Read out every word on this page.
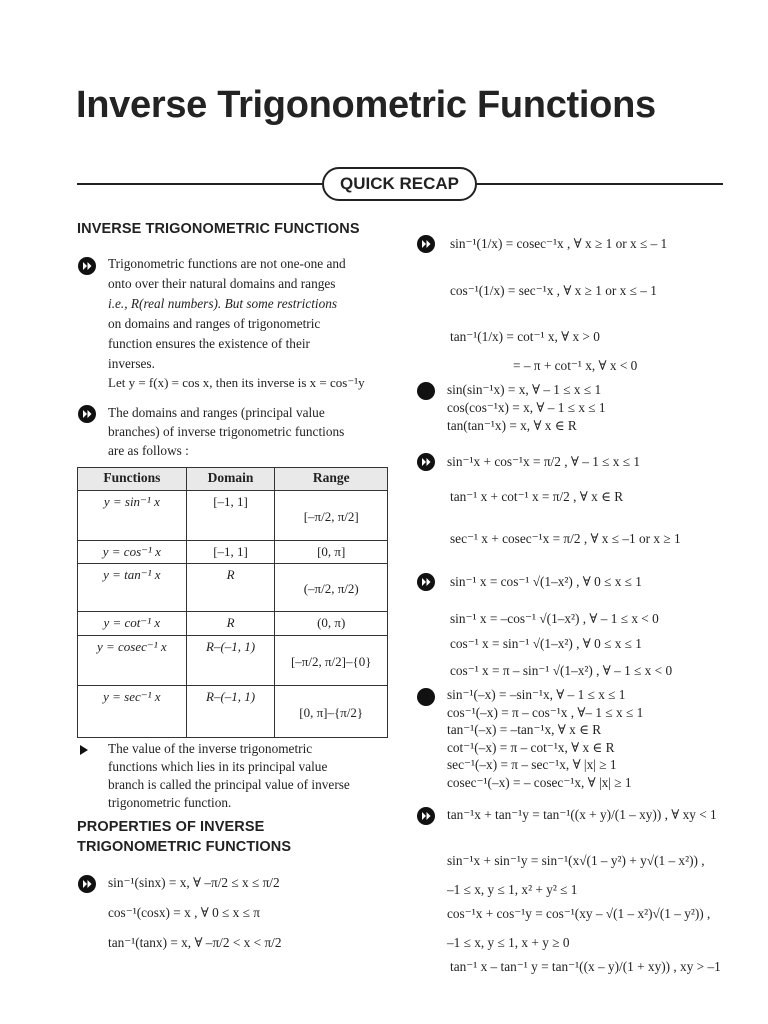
Inverse Trigonometric Functions
QUICK RECAP
INVERSE TRIGONOMETRIC FUNCTIONS
Trigonometric functions are not one-one and
onto over their natural domains and ranges
i.e., R(real numbers). But some restrictions
on domains and ranges of trigonometric
function ensures the existence of their
inverses.
Let y = f(x) = cos x, then its inverse is x = cos⁻¹y
The domains and ranges (principal value
branches) of inverse trigonometric functions
are as follows :
Functions	Domain	Range
y = sin⁻¹ x	[–1, 1]	[–π/2, π/2]
y = cos⁻¹ x	[–1, 1]	[0, π]
y = tan⁻¹ x	R	(–π/2, π/2)
y = cot⁻¹ x	R	(0, π)
y = cosec⁻¹ x	R–(–1, 1)	[–π/2, π/2]–{0}
y = sec⁻¹ x	R–(–1, 1)	[0, π]–{π/2}
The value of the inverse trigonometric
functions which lies in its principal value
branch is called the principal value of inverse
trigonometric function.
PROPERTIES OF INVERSE
TRIGONOMETRIC FUNCTIONS
sin⁻¹(sinx) = x, ∀ –π/2 ≤ x ≤ π/2
cos⁻¹(cosx) = x , ∀ 0 ≤ x ≤ π
tan⁻¹(tanx) = x, ∀ –π/2 < x < π/2
sin⁻¹(1/x) = cosec⁻¹x , ∀ x ≥ 1 or x ≤ – 1
cos⁻¹(1/x) = sec⁻¹x , ∀ x ≥ 1 or x ≤ – 1
tan⁻¹(1/x) = cot⁻¹ x, ∀ x > 0
= – π + cot⁻¹ x, ∀ x < 0
sin(sin⁻¹x) = x, ∀ – 1 ≤ x ≤ 1
cos(cos⁻¹x) = x, ∀ – 1 ≤ x ≤ 1
tan(tan⁻¹x) = x, ∀ x ∈ R
sin⁻¹x + cos⁻¹x = π/2 , ∀ – 1 ≤ x ≤ 1
tan⁻¹ x + cot⁻¹ x = π/2 , ∀ x ∈ R
sec⁻¹ x + cosec⁻¹x = π/2 , ∀ x ≤ –1 or x ≥ 1
sin⁻¹ x = cos⁻¹ √(1–x²) , ∀ 0 ≤ x ≤ 1
sin⁻¹ x = –cos⁻¹ √(1–x²) , ∀ – 1 ≤ x < 0
cos⁻¹ x = sin⁻¹ √(1–x²) , ∀ 0 ≤ x ≤ 1
cos⁻¹ x = π – sin⁻¹ √(1–x²) , ∀ – 1 ≤ x < 0
sin⁻¹(–x) = –sin⁻¹x, ∀ – 1 ≤ x ≤ 1
cos⁻¹(–x) = π – cos⁻¹x , ∀– 1 ≤ x ≤ 1
tan⁻¹(–x) = –tan⁻¹x, ∀ x ∈ R
cot⁻¹(–x) = π – cot⁻¹x, ∀ x ∈ R
sec⁻¹(–x) = π – sec⁻¹x, ∀ |x| ≥ 1
cosec⁻¹(–x) = – cosec⁻¹x, ∀ |x| ≥ 1
tan⁻¹x + tan⁻¹y = tan⁻¹((x + y)/(1 – xy)) , ∀ xy < 1
sin⁻¹x + sin⁻¹y = sin⁻¹(x√(1 – y²) + y√(1 – x²)) ,
–1 ≤ x, y ≤ 1, x² + y² ≤ 1
cos⁻¹x + cos⁻¹y = cos⁻¹(xy – √(1 – x²)√(1 – y²)) ,
–1 ≤ x, y ≤ 1, x + y ≥ 0
tan⁻¹ x – tan⁻¹ y = tan⁻¹((x – y)/(1 + xy)) , xy > –1
